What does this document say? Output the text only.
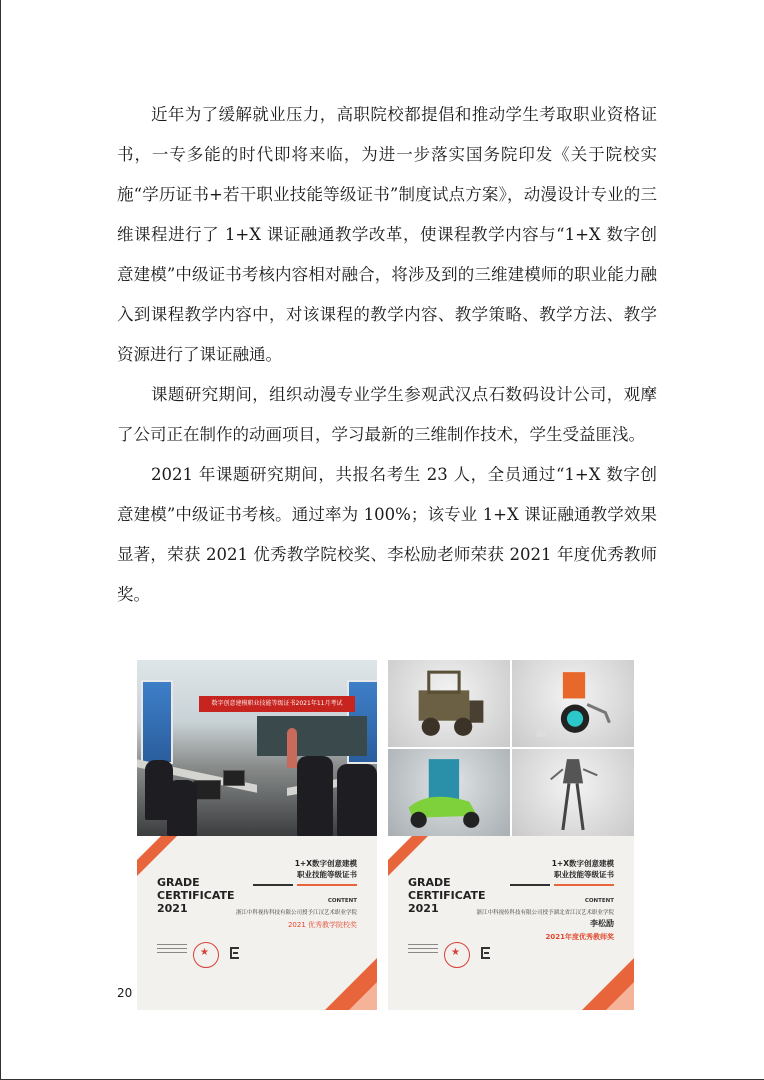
近年为了缓解就业压力，高职院校都提倡和推动学生考取职业资格证书，一专多能的时代即将来临，为进一步落实国务院印发《关于院校实施“学历证书+若干职业技能等级证书”制度试点方案》，动漫设计专业的三维课程进行了 1+X 课证融通教学改革，使课程教学内容与“1+X 数字创意建模”中级证书考核内容相对融合，将涉及到的三维建模师的职业能力融入到课程教学内容中，对该课程的教学内容、教学策略、教学方法、教学资源进行了课证融通。

课题研究期间，组织动漫专业学生参观武汉点石数码设计公司，观摩了公司正在制作的动画项目，学习最新的三维制作技术，学生受益匪浅。

2021 年课题研究期间，共报名考生 23 人，全员通过“1+X 数字创意建模”中级证书考核。通过率为 100%；该专业 1+X 课证融通教学效果显著，荣获 2021 优秀教学院校奖、李松励老师荣获 2021 年度优秀教师奖。

数字创意建模职业技能等级证书2021年11月考试
GRADE
CERTIFICATE
2021
1+X数字创意建模
职业技能等级证书
CONTENT
浙江中科视传科技有限公司授予江汉艺术职业学院
2021 优秀教学院校奖
★
GRADE
CERTIFICATE
2021
1+X数字创意建模
职业技能等级证书
CONTENT
浙江中科视传科技有限公司授予湖北省江汉艺术职业学院
李松励
2021年度优秀教师奖
★
20
